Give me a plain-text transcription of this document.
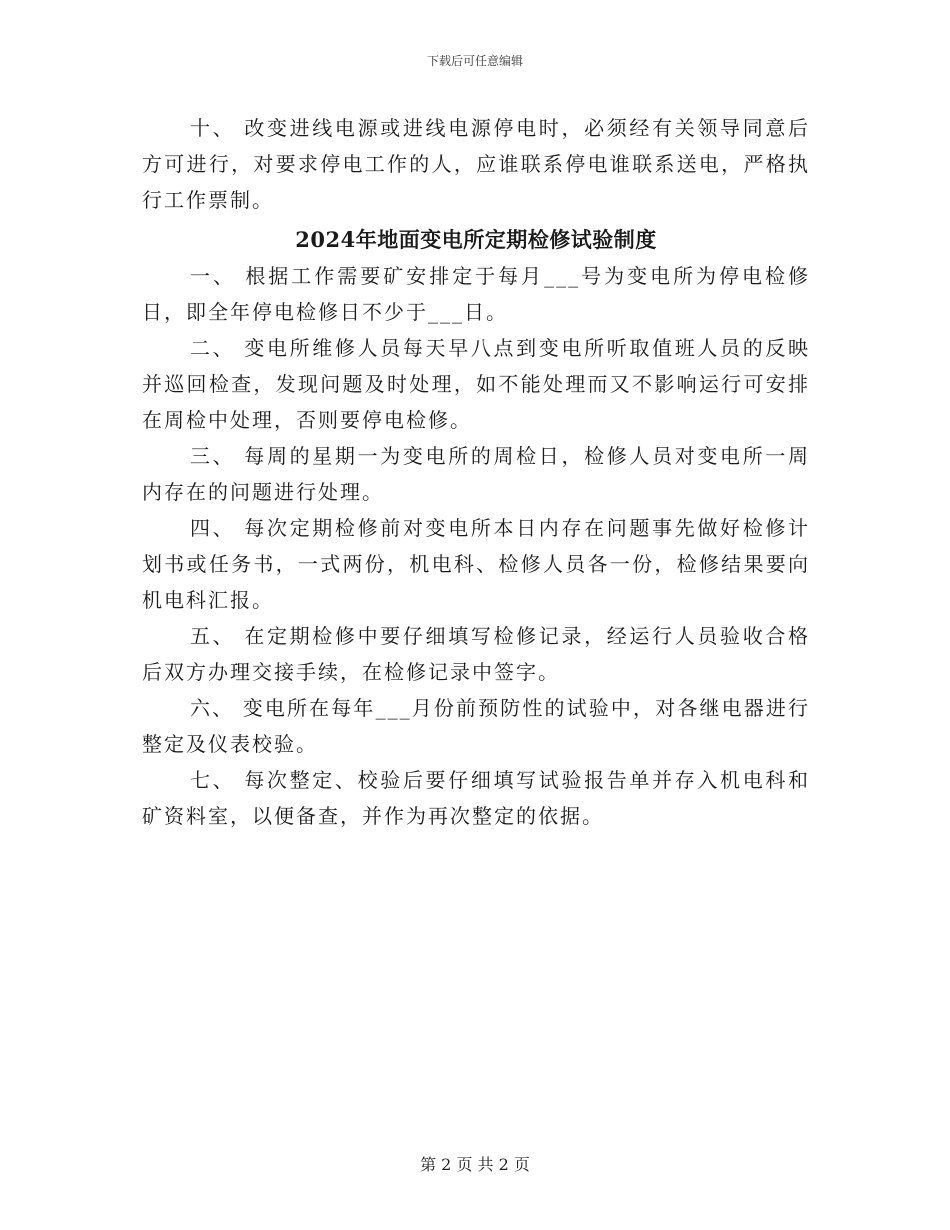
下载后可任意编辑

十、 改变进线电源或进线电源停电时，必须经有关领导同意后方可进行，对要求停电工作的人，应谁联系停电谁联系送电，严格执行工作票制。

2024年地面变电所定期检修试验制度

一、 根据工作需要矿安排定于每月___号为变电所为停电检修日，即全年停电检修日不少于___日。

二、 变电所维修人员每天早八点到变电所听取值班人员的反映并巡回检查，发现问题及时处理，如不能处理而又不影响运行可安排在周检中处理，否则要停电检修。

三、 每周的星期一为变电所的周检日，检修人员对变电所一周内存在的问题进行处理。

四、 每次定期检修前对变电所本日内存在问题事先做好检修计划书或任务书，一式两份，机电科、检修人员各一份，检修结果要向机电科汇报。

五、 在定期检修中要仔细填写检修记录，经运行人员验收合格后双方办理交接手续，在检修记录中签字。

六、 变电所在每年___月份前预防性的试验中，对各继电器进行整定及仪表校验。

七、 每次整定、校验后要仔细填写试验报告单并存入机电科和矿资料室，以便备查，并作为再次整定的依据。

第 2 页 共 2 页
